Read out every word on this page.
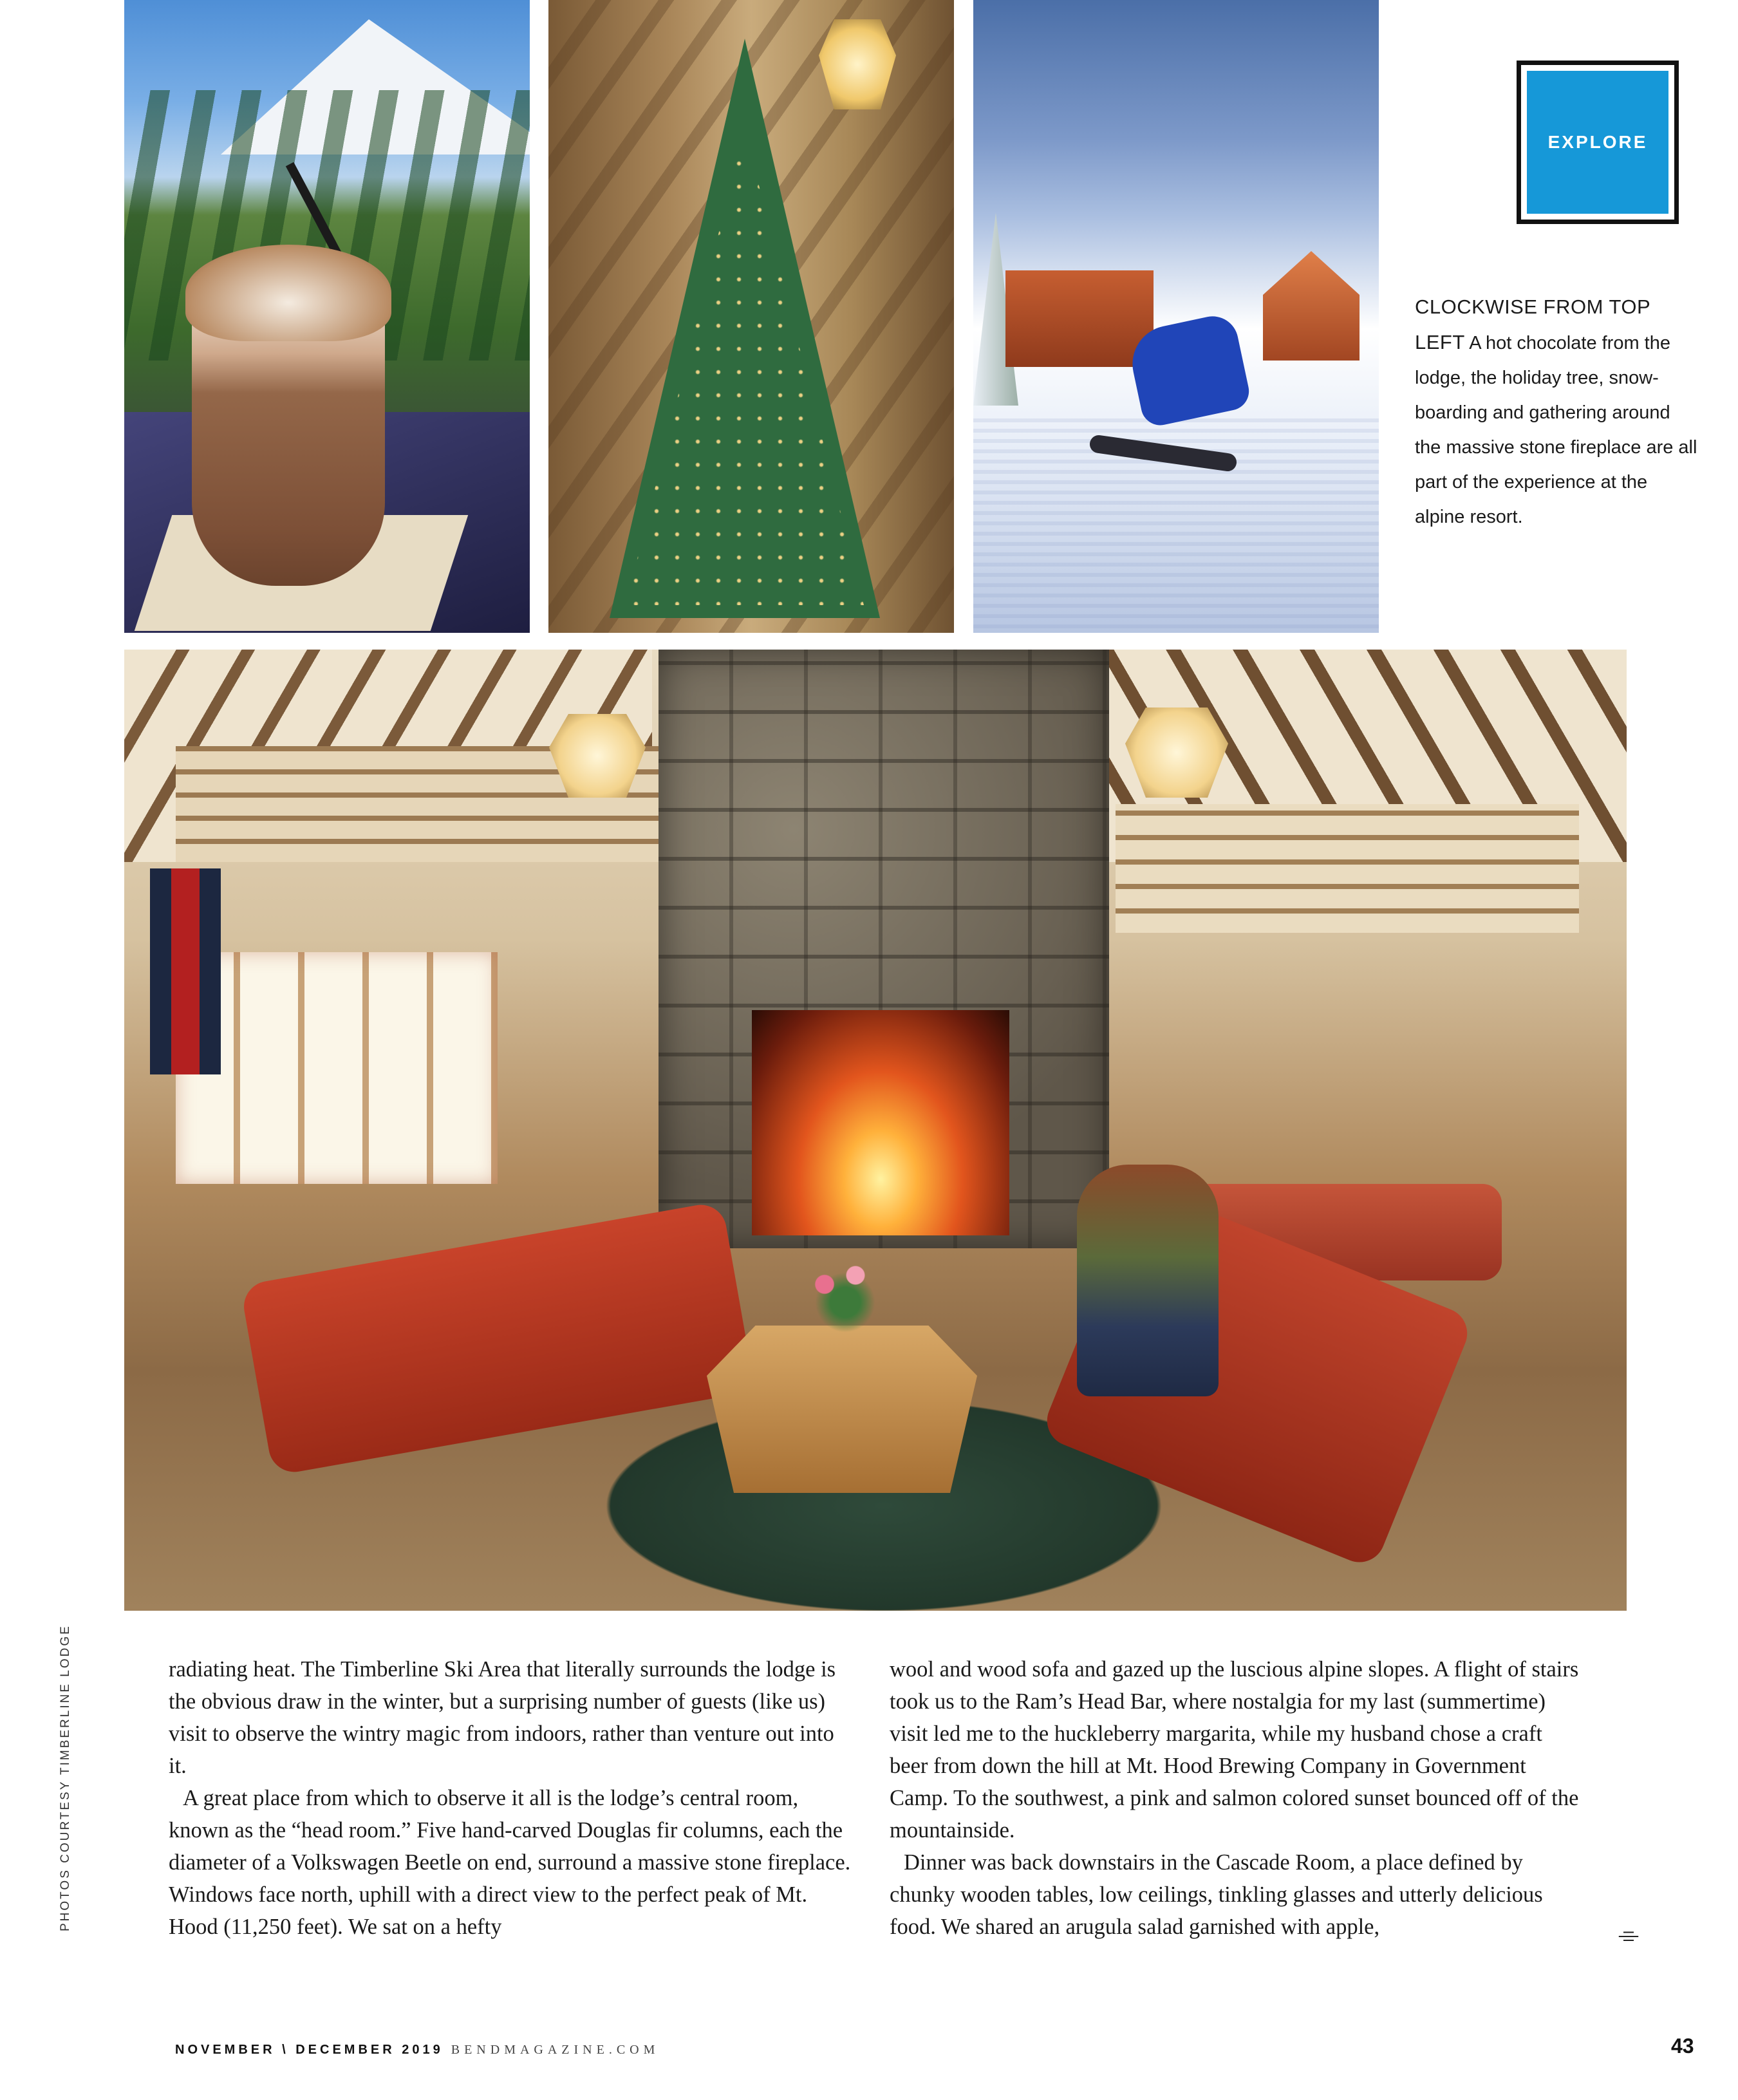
EXPLORE
CLOCKWISE FROM TOP LEFT A hot chocolate from the lodge, the holiday tree, snow-boarding and gathering around the massive stone fireplace are all part of the experience at the alpine resort.
PHOTOS COURTESY TIMBERLINE LODGE	radiating heat. The Timberline Ski Area that literally surrounds the lodge is the obvious draw in the winter, but a surprising number of guests (like us) visit to observe the wintry magic from indoors, rather than venture out into it.

A great place from which to observe it all is the lodge’s central room, known as the “head room.” Five hand-carved Douglas fir columns, each the diameter of a Volkswagen Beetle on end, surround a massive stone fireplace. Windows face north, uphill with a direct view to the perfect peak of Mt. Hood (11,250 feet). We sat on a hefty

wool and wood sofa and gazed up the luscious alpine slopes. A flight of stairs took us to the Ram’s Head Bar, where nostalgia for my last (summertime) visit led me to the huckleberry margarita, while my husband chose a craft beer from down the hill at Mt. Hood Brewing Company in Government Camp. To the southwest, a pink and salmon colored sunset bounced off of the mountainside.

Dinner was back downstairs in the Cascade Room, a place defined by chunky wooden tables, low ceilings, tinkling glasses and utterly delicious food. We shared an arugula salad garnished with apple,	⌯
NOVEMBER \ DECEMBER 2019 BENDMAGAZINE.COM	43
